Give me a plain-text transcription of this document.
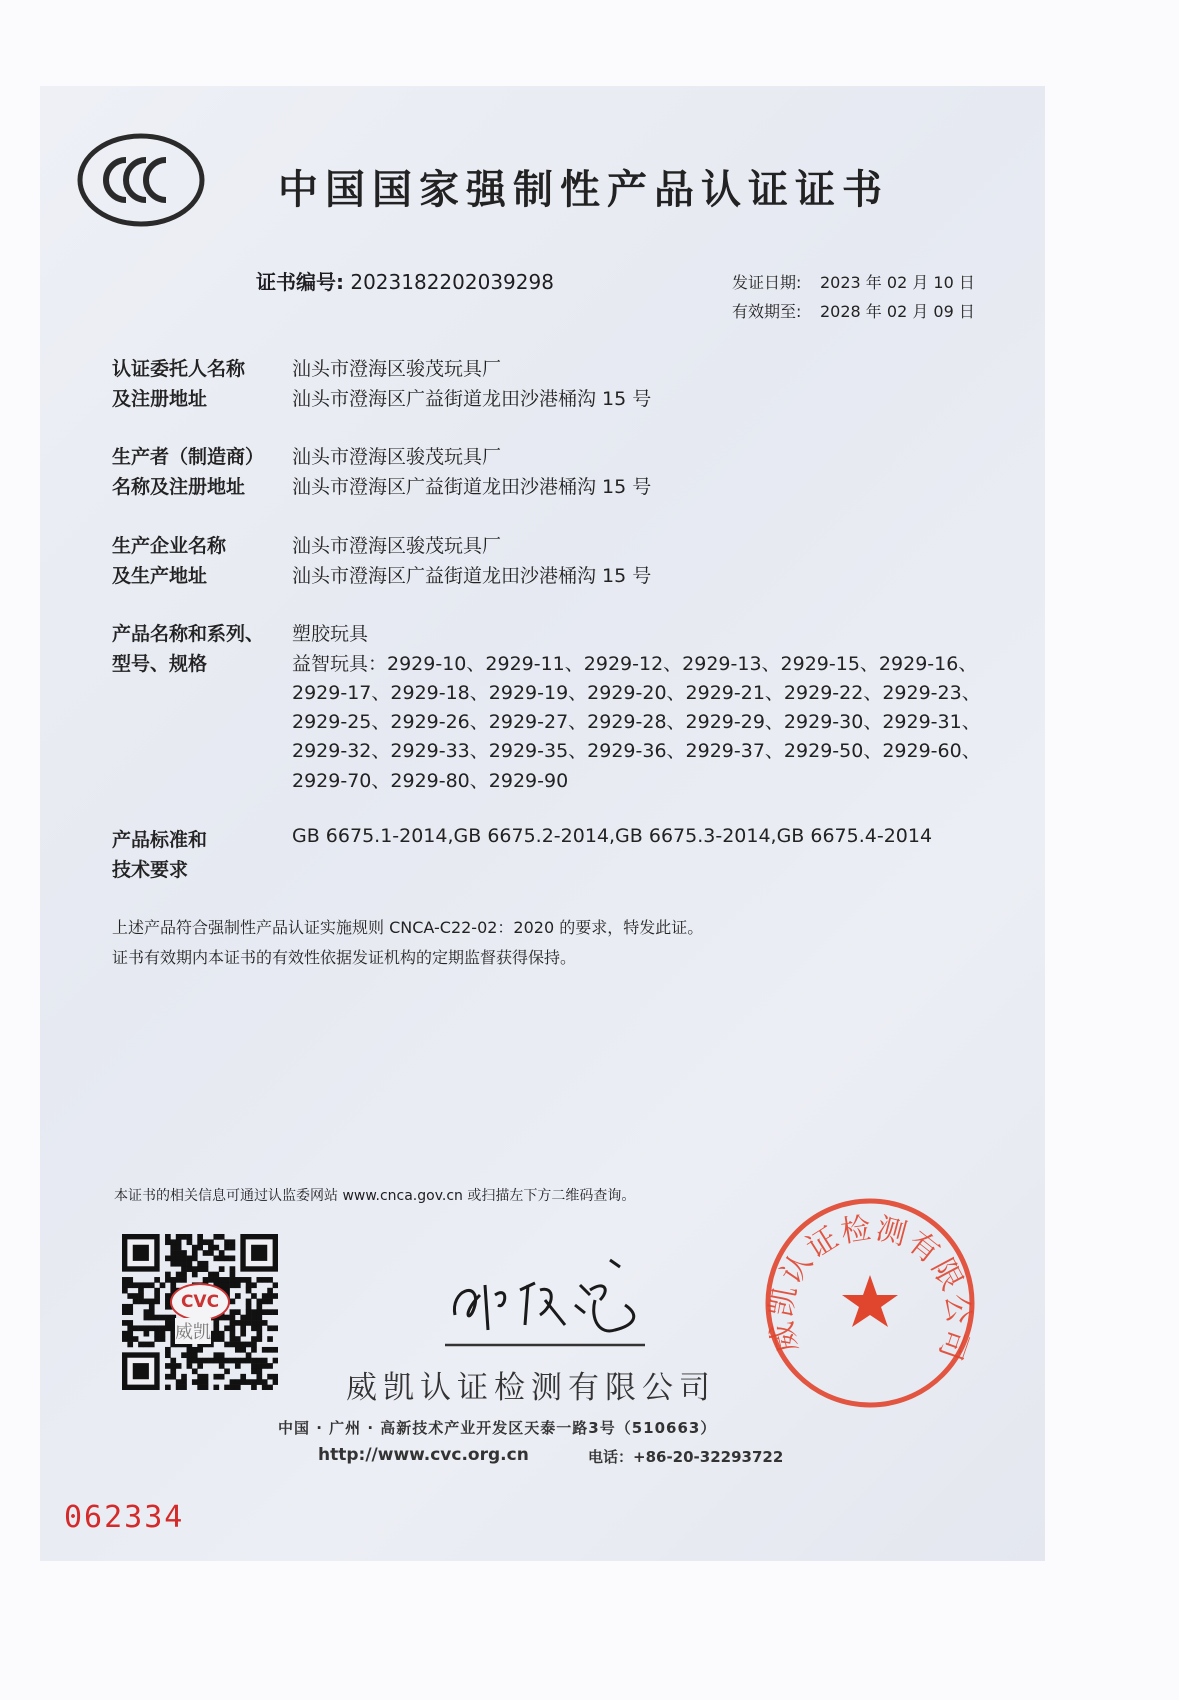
中国国家强制性产品认证证书
证书编号: 2023182202039298	发证日期: 2023 年 02 月 10 日
有效期至: 2028 年 02 月 09 日
认证委托人名称
及注册地址
汕头市澄海区骏茂玩具厂
汕头市澄海区广益街道龙田沙港桶沟 15 号
生产者（制造商）
名称及注册地址
汕头市澄海区骏茂玩具厂
汕头市澄海区广益街道龙田沙港桶沟 15 号
生产企业名称
及生产地址
汕头市澄海区骏茂玩具厂
汕头市澄海区广益街道龙田沙港桶沟 15 号
产品名称和系列、
型号、规格
塑胶玩具
益智玩具：2929-10、2929-11、2929-12、2929-13、2929-15、2929-16、
2929-17、2929-18、2929-19、2929-20、2929-21、2929-22、2929-23、
2929-25、2929-26、2929-27、2929-28、2929-29、2929-30、2929-31、
2929-32、2929-33、2929-35、2929-36、2929-37、2929-50、2929-60、
2929-70、2929-80、2929-90
产品标准和
技术要求
GB 6675.1-2014,GB 6675.2-2014,GB 6675.3-2014,GB 6675.4-2014
上述产品符合强制性产品认证实施规则 CNCA-C22-02：2020 的要求，特发此证。
证书有效期内本证书的有效性依据发证机构的定期监督获得保持。
本证书的相关信息可通过认监委网站 www.cnca.gov.cn 或扫描左下方二维码查询。
CVC
威凯
威凯认证检测有限公司
中国 · 广州 · 高新技术产业开发区天泰一路3号（510663）
http://www.cvc.org.cn	电话：+86-20-32293722
威凯认证检测有限公司
062334
